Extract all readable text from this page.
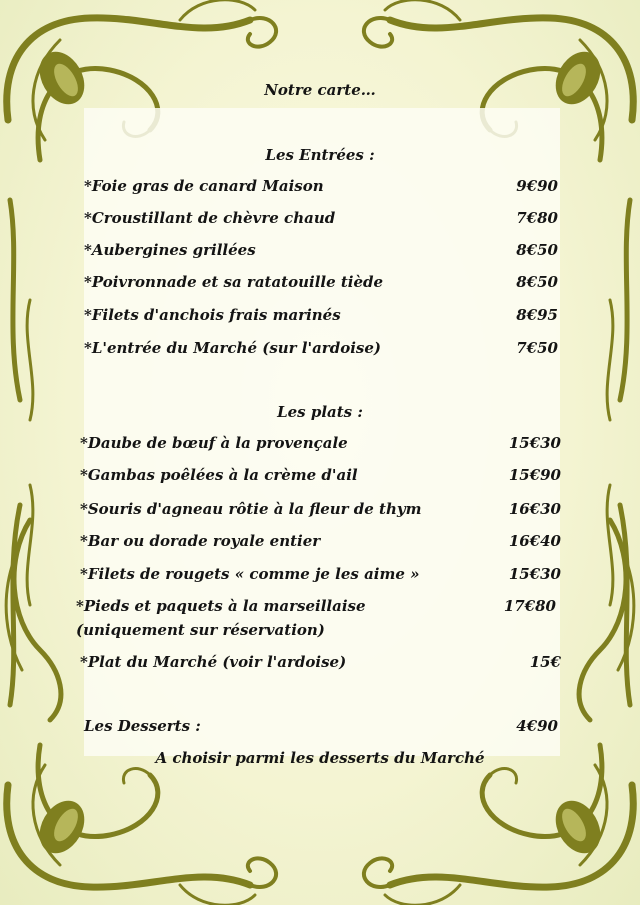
Notre carte…
Les Entrées :
*Foie gras de canard Maison	9€90
*Croustillant de chèvre chaud	7€80
*Aubergines grillées	8€50
*Poivronnade et sa ratatouille tiède	8€50
*Filets d'anchois frais marinés	8€95
*L'entrée du Marché (sur l'ardoise)	7€50
Les plats :
*Daube de bœuf à la provençale	15€30
*Gambas poêlées à la crème d'ail	15€90
*Souris d'agneau rôtie à la fleur de thym	16€30
*Bar ou dorade royale entier	16€40
*Filets de rougets « comme je les aime »	15€30
*Pieds et paquets à la marseillaise	17€80
(uniquement sur réservation)
*Plat du Marché (voir l'ardoise)	15€
Les Desserts :	4€90
A choisir parmi les desserts du Marché
